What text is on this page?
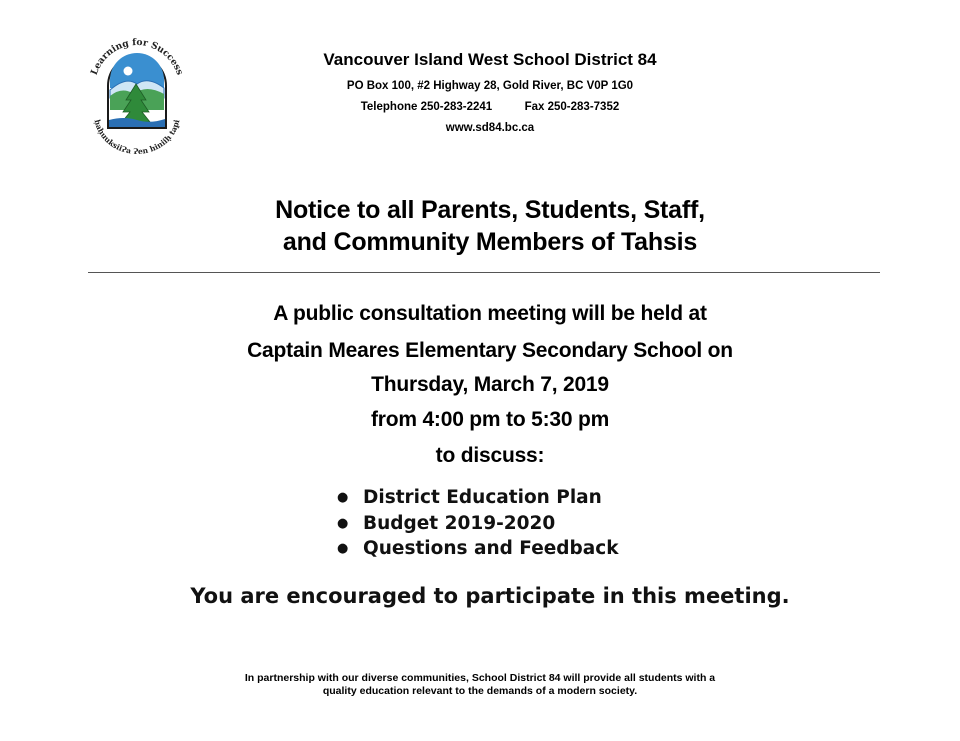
Learning for Success
ḥaḥuuksiiɁa Ɂen hiniiḥ tapi
Vancouver Island West School District 84
PO Box 100, #2 Highway 28, Gold River, BC V0P 1G0
Telephone 250-283-2241	Fax 250-283-7352
www.sd84.bc.ca
Notice to all Parents, Students, Staff,
and Community Members of Tahsis
A public consultation meeting will be held at
Captain Meares Elementary Secondary School on
Thursday, March 7, 2019
from 4:00 pm to 5:30 pm
to discuss:
● District Education Plan
● Budget 2019-2020
● Questions and Feedback
You are encouraged to participate in this meeting.
In partnership with our diverse communities, School District 84 will provide all students with a
quality education relevant to the demands of a modern society.
